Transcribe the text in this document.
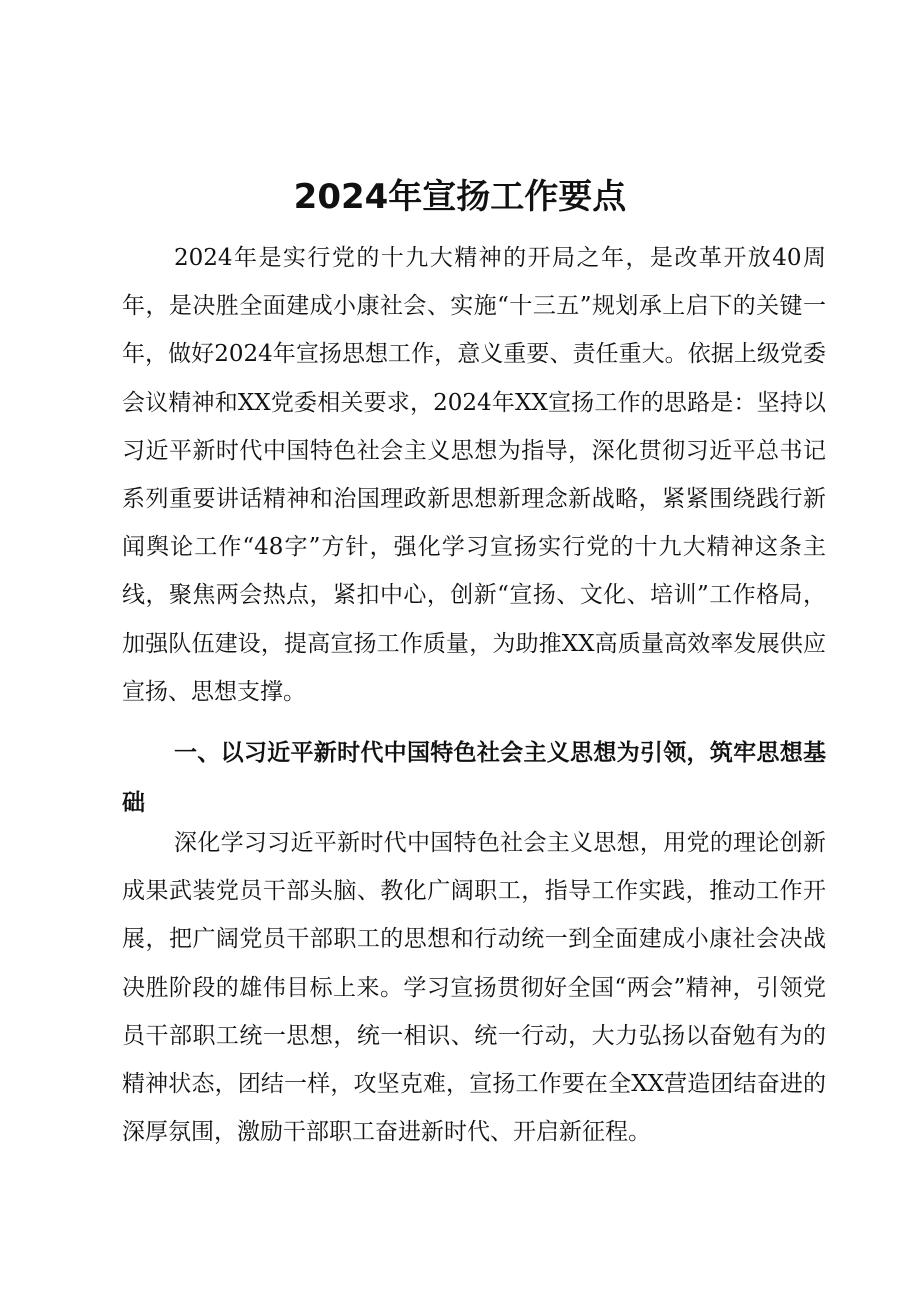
2024年宣扬工作要点

2024年是实行党的十九大精神的开局之年，是改革开放40周年，是决胜全面建成小康社会、实施“十三五”规划承上启下的关键一年，做好2024年宣扬思想工作，意义重要、责任重大。依据上级党委会议精神和XX党委相关要求，2024年XX宣扬工作的思路是：坚持以习近平新时代中国特色社会主义思想为指导，深化贯彻习近平总书记系列重要讲话精神和治国理政新思想新理念新战略，紧紧围绕践行新闻舆论工作“48字”方针，强化学习宣扬实行党的十九大精神这条主线，聚焦两会热点，紧扣中心，创新“宣扬、文化、培训”工作格局，加强队伍建设，提高宣扬工作质量，为助推XX高质量高效率发展供应宣扬、思想支撑。

一、以习近平新时代中国特色社会主义思想为引领，筑牢思想基础

深化学习习近平新时代中国特色社会主义思想，用党的理论创新成果武装党员干部头脑、教化广阔职工，指导工作实践，推动工作开展，把广阔党员干部职工的思想和行动统一到全面建成小康社会决战决胜阶段的雄伟目标上来。学习宣扬贯彻好全国“两会”精神，引领党员干部职工统一思想，统一相识、统一行动，大力弘扬以奋勉有为的精神状态，团结一样，攻坚克难，宣扬工作要在全XX营造团结奋进的深厚氛围，激励干部职工奋进新时代、开启新征程。
